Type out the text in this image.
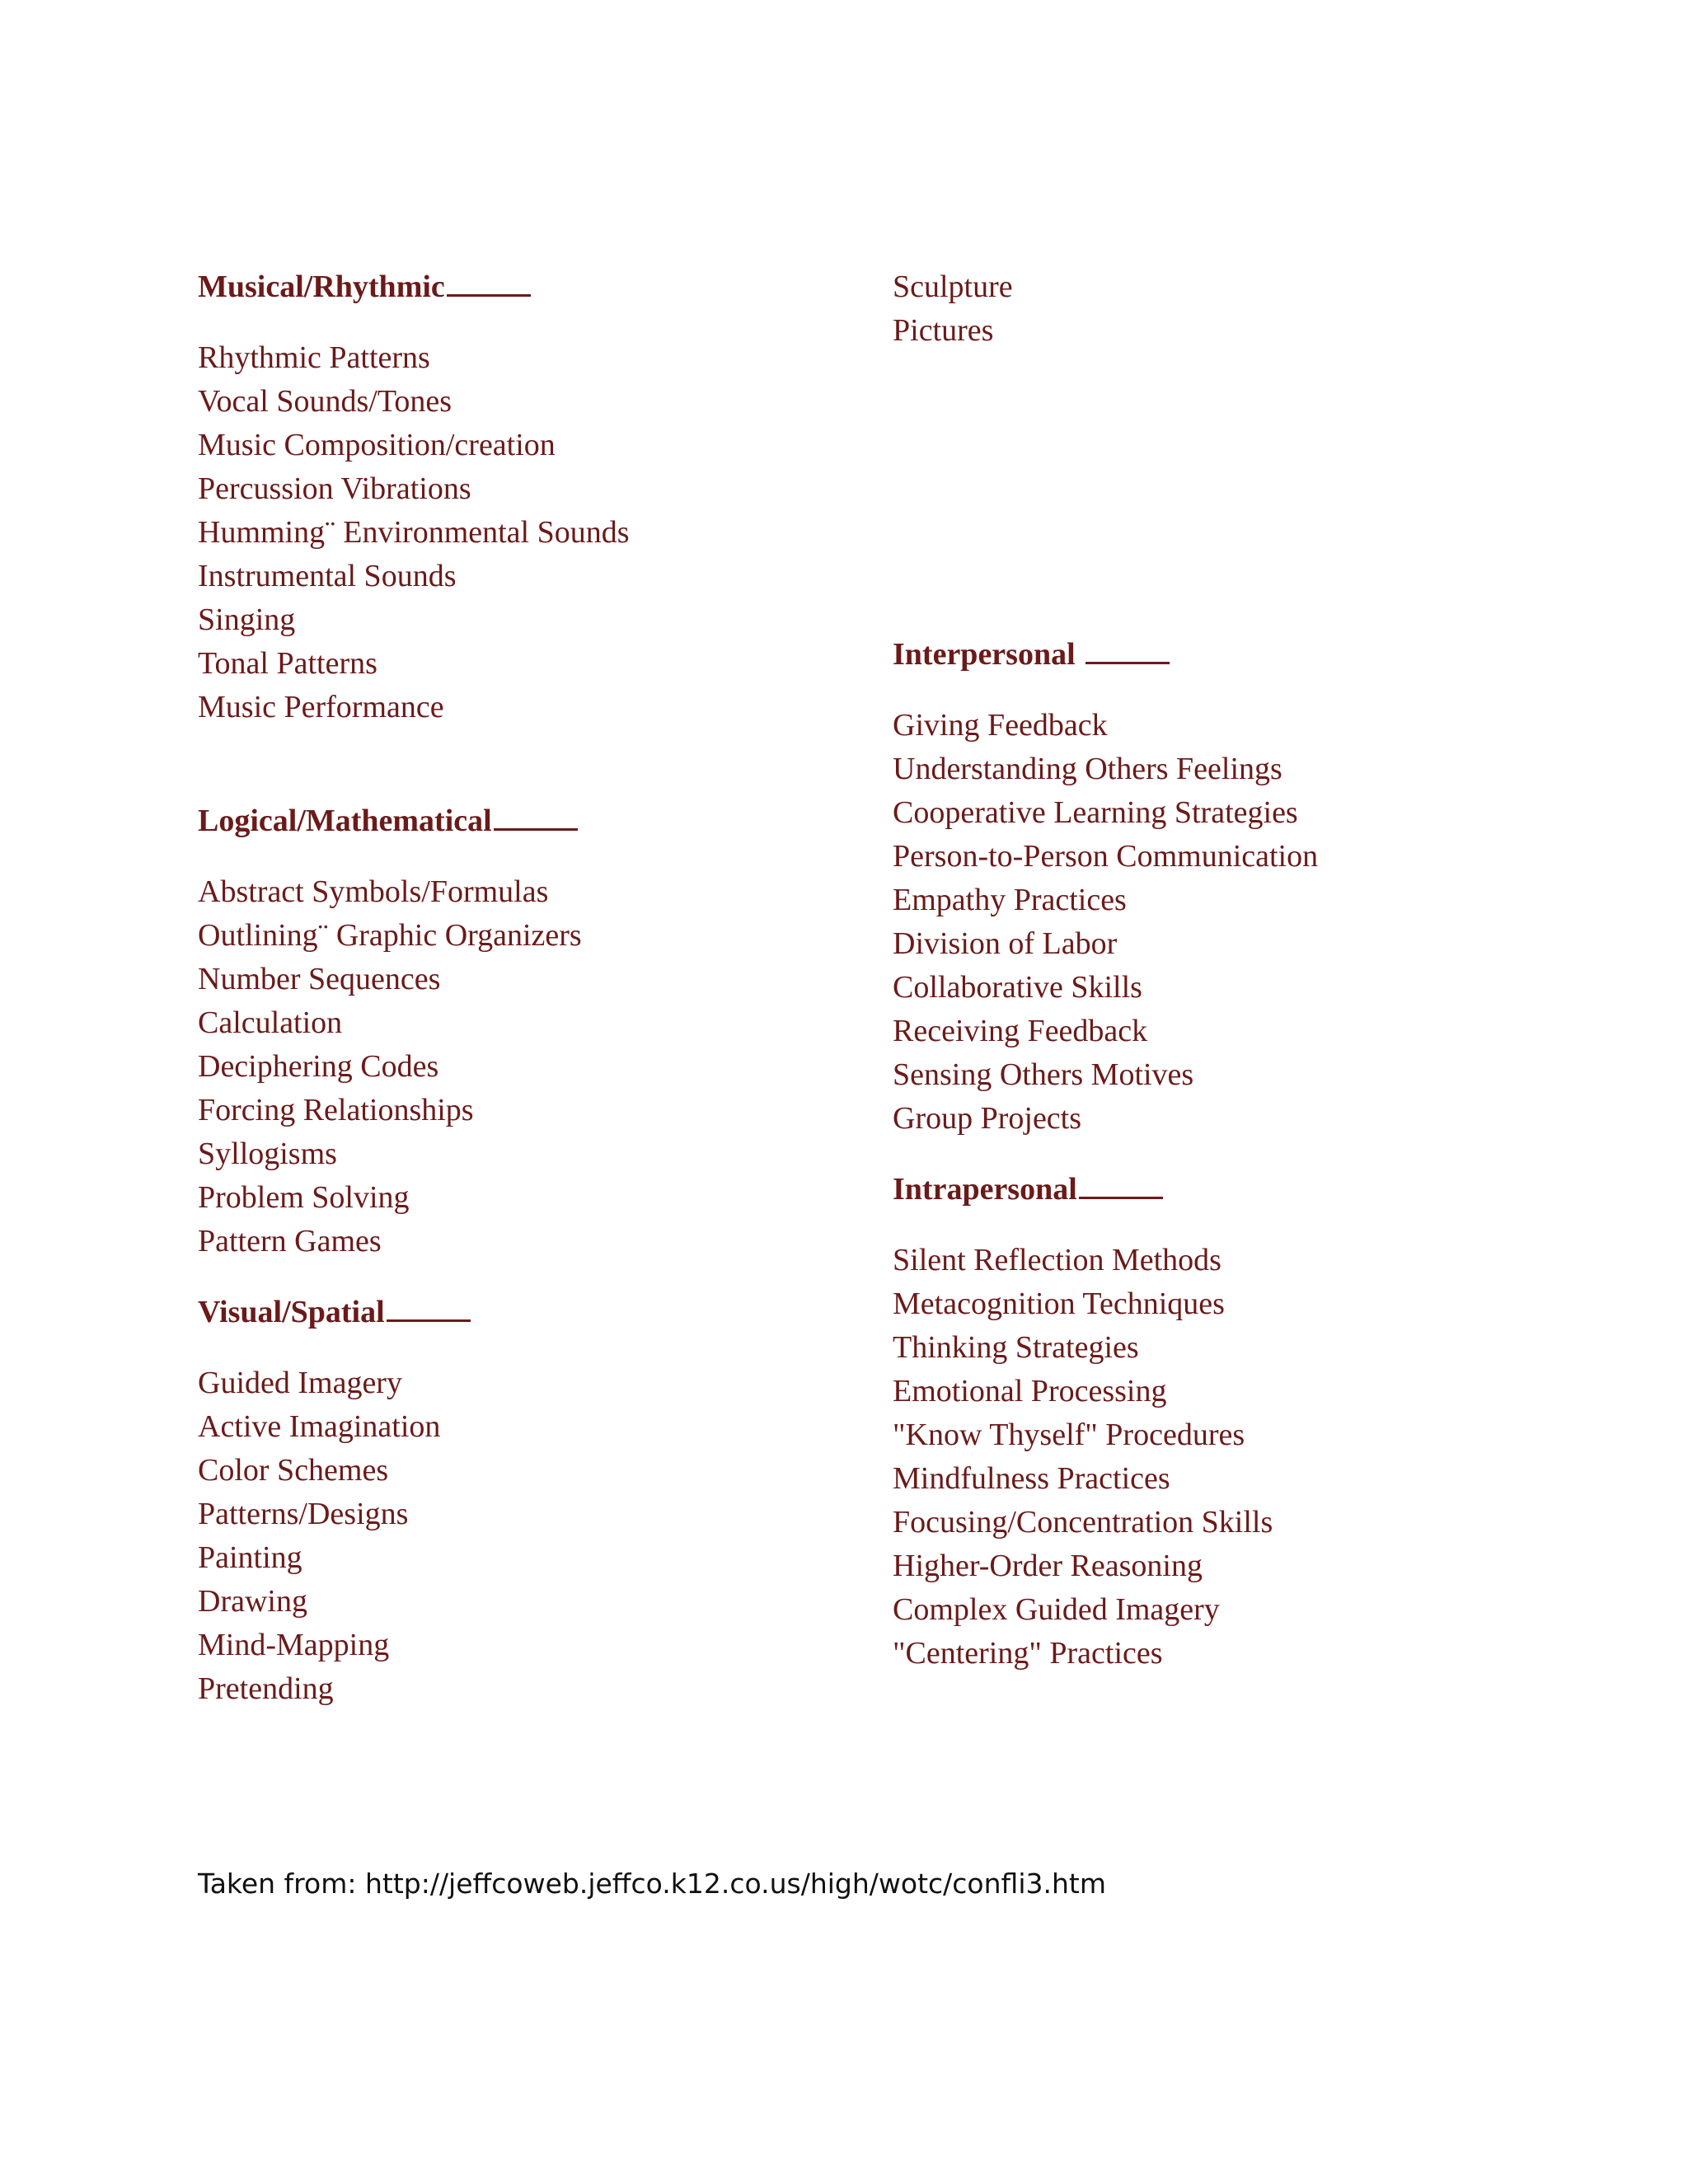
Musical/Rhythmic
Rhythmic Patterns
Vocal Sounds/Tones
Music Composition/creation
Percussion Vibrations
Humming¨ Environmental Sounds
Instrumental Sounds
Singing
Tonal Patterns
Music Performance
Logical/Mathematical
Abstract Symbols/Formulas
Outlining¨ Graphic Organizers
Number Sequences
Calculation
Deciphering Codes
Forcing Relationships
Syllogisms
Problem Solving
Pattern Games
Visual/Spatial
Guided Imagery
Active Imagination
Color Schemes
Patterns/Designs
Painting
Drawing
Mind-Mapping
Pretending
Sculpture
Pictures
Interpersonal
Giving Feedback
Understanding Others Feelings
Cooperative Learning Strategies
Person-to-Person Communication
Empathy Practices
Division of Labor
Collaborative Skills
Receiving Feedback
Sensing Others Motives
Group Projects
Intrapersonal
Silent Reflection Methods
Metacognition Techniques
Thinking Strategies
Emotional Processing
"Know Thyself" Procedures
Mindfulness Practices
Focusing/Concentration Skills
Higher-Order Reasoning
Complex Guided Imagery
"Centering" Practices
Taken from: http://jeffcoweb.jeffco.k12.co.us/high/wotc/confli3.htm
